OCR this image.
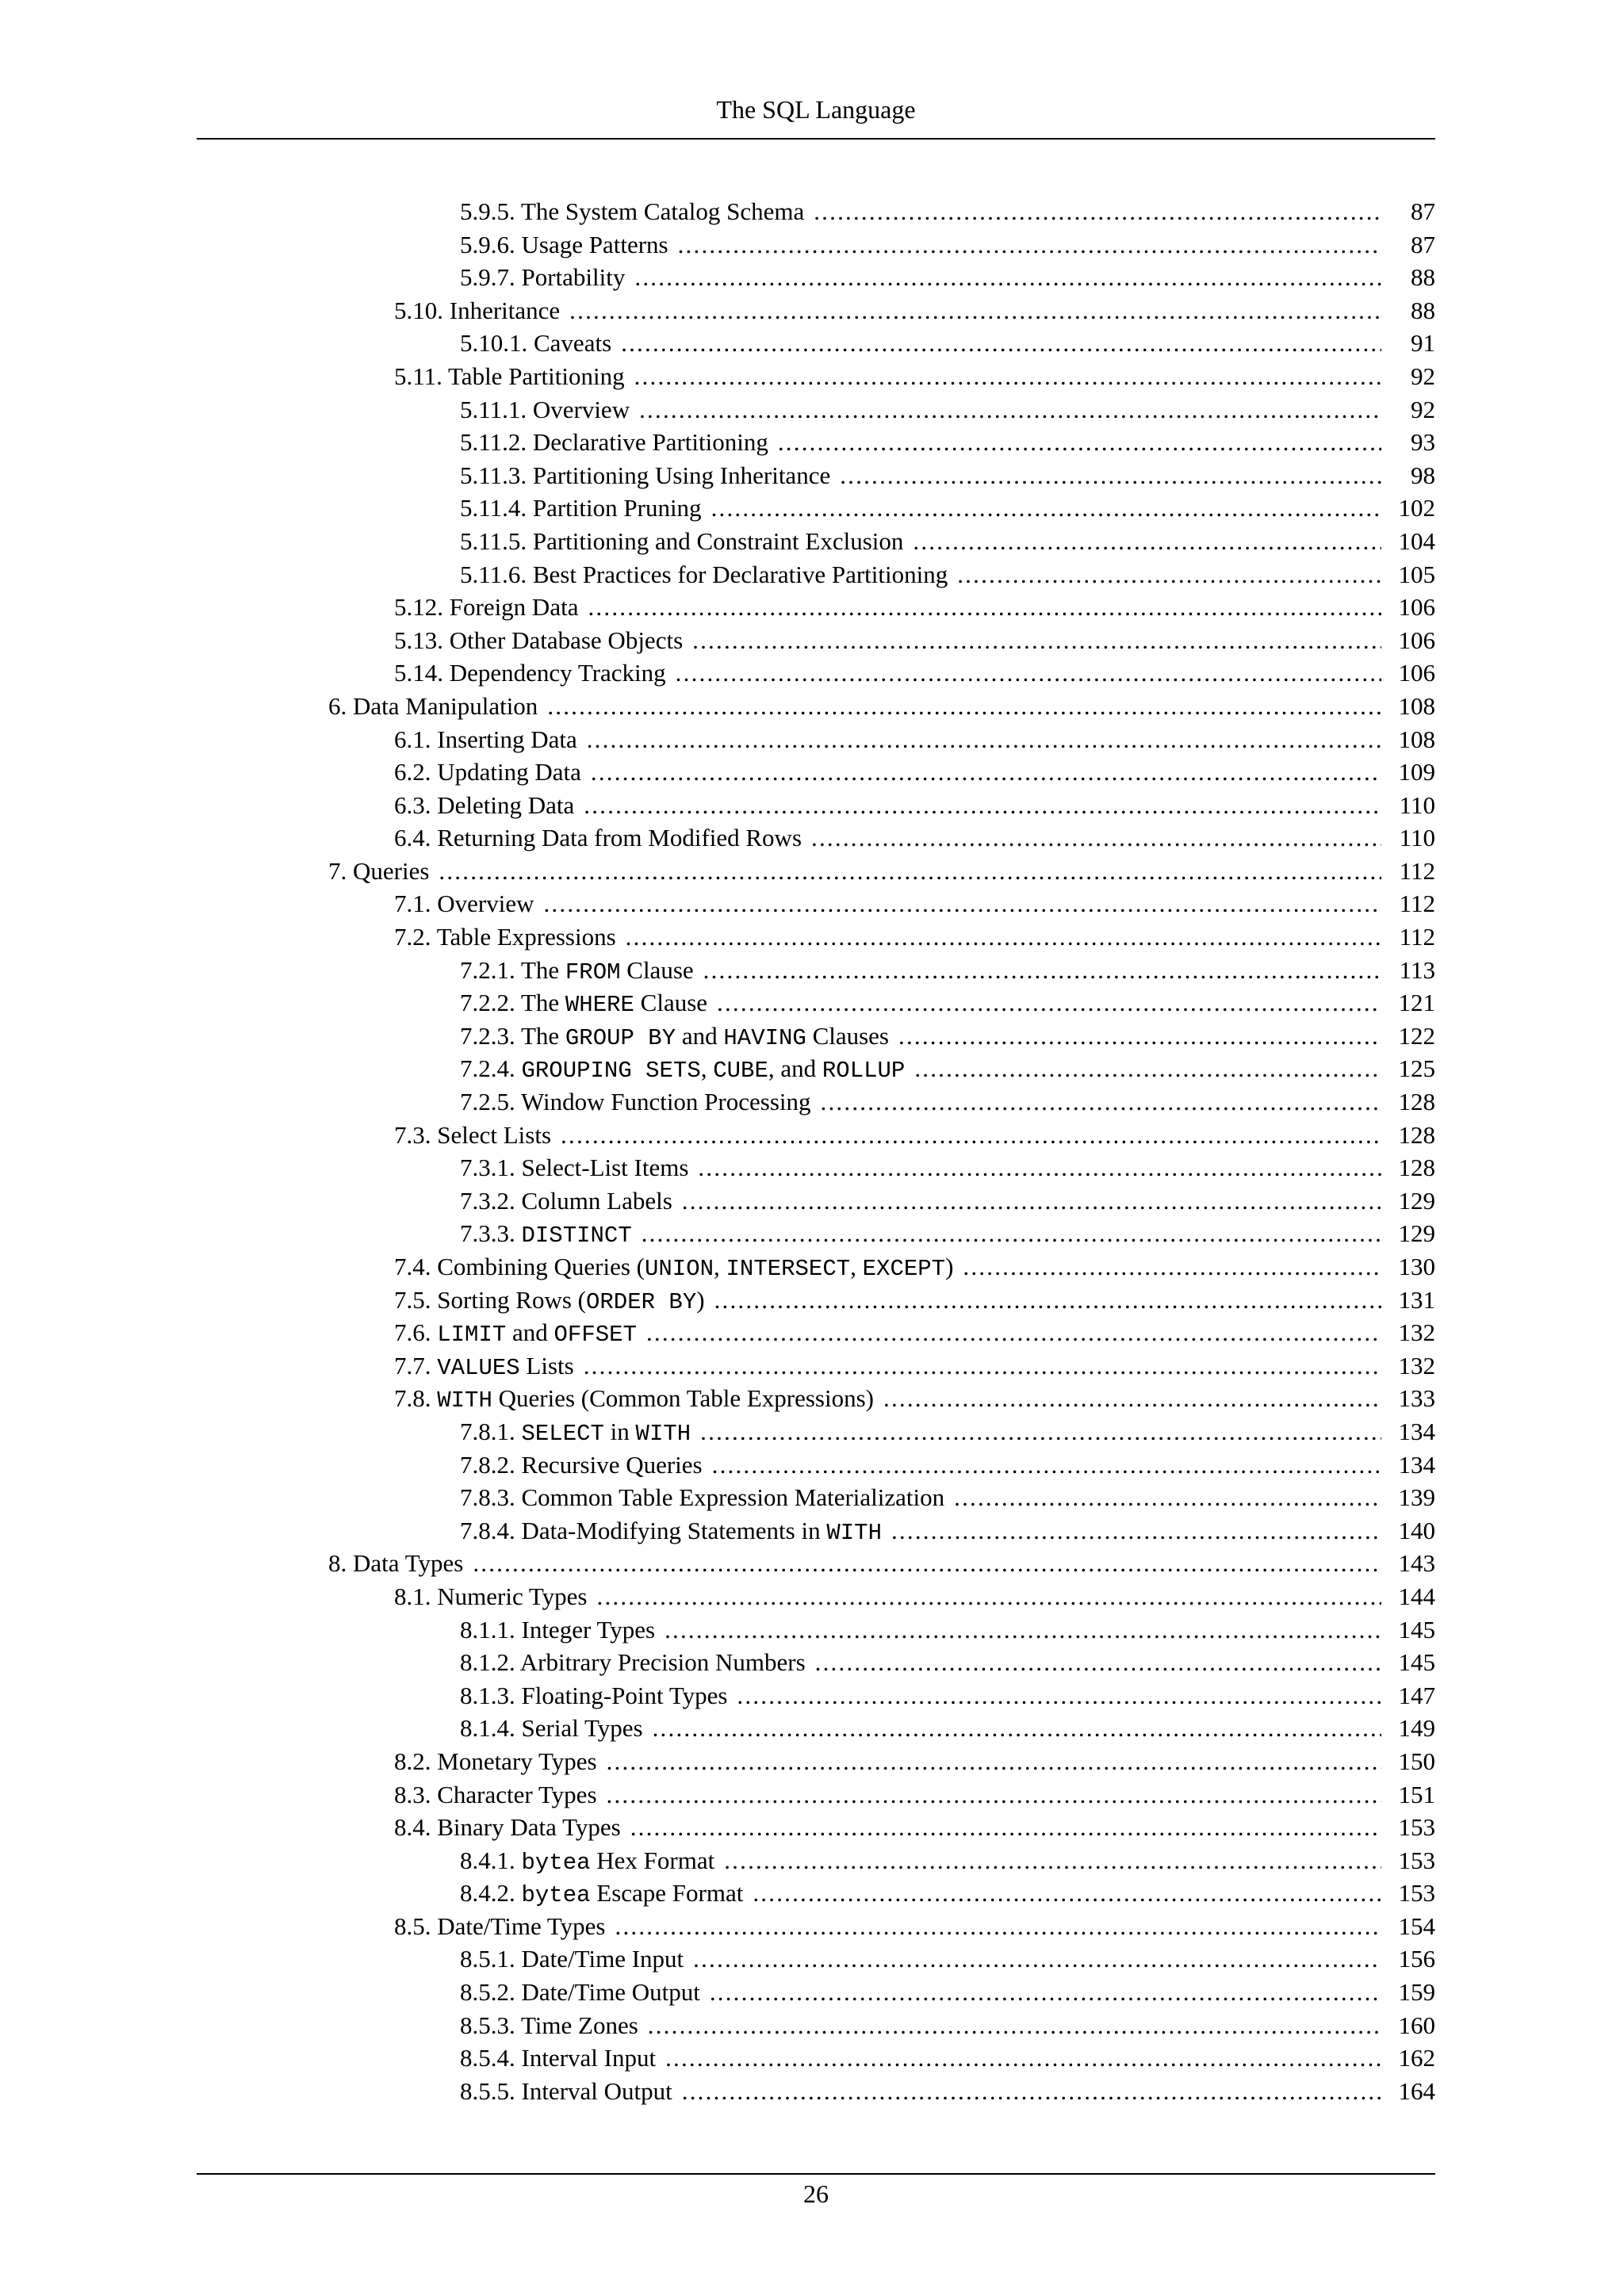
The SQL Language
5.9.5. The System Catalog Schema .....	87
5.9.6. Usage Patterns .....	87
5.9.7. Portability .....	88
5.10. Inheritance .....	88
5.10.1. Caveats .....	91
5.11. Table Partitioning .....	92
5.11.1. Overview .....	92
5.11.2. Declarative Partitioning .....	93
5.11.3. Partitioning Using Inheritance .....	98
5.11.4. Partition Pruning .....	102
5.11.5. Partitioning and Constraint Exclusion .....	104
5.11.6. Best Practices for Declarative Partitioning .....	105
5.12. Foreign Data .....	106
5.13. Other Database Objects .....	106
5.14. Dependency Tracking .....	106
6. Data Manipulation .....	108
6.1. Inserting Data .....	108
6.2. Updating Data .....	109
6.3. Deleting Data .....	110
6.4. Returning Data from Modified Rows .....	110
7. Queries .....	112
7.1. Overview .....	112
7.2. Table Expressions .....	112
7.2.1. The FROM Clause .....	113
7.2.2. The WHERE Clause .....	121
7.2.3. The GROUP BY and HAVING Clauses .....	122
7.2.4. GROUPING SETS, CUBE, and ROLLUP .....	125
7.2.5. Window Function Processing .....	128
7.3. Select Lists .....	128
7.3.1. Select-List Items .....	128
7.3.2. Column Labels .....	129
7.3.3. DISTINCT .....	129
7.4. Combining Queries (UNION, INTERSECT, EXCEPT) .....	130
7.5. Sorting Rows (ORDER BY) .....	131
7.6. LIMIT and OFFSET .....	132
7.7. VALUES Lists .....	132
7.8. WITH Queries (Common Table Expressions) .....	133
7.8.1. SELECT in WITH .....	134
7.8.2. Recursive Queries .....	134
7.8.3. Common Table Expression Materialization .....	139
7.8.4. Data-Modifying Statements in WITH .....	140
8. Data Types .....	143
8.1. Numeric Types .....	144
8.1.1. Integer Types .....	145
8.1.2. Arbitrary Precision Numbers .....	145
8.1.3. Floating-Point Types .....	147
8.1.4. Serial Types .....	149
8.2. Monetary Types .....	150
8.3. Character Types .....	151
8.4. Binary Data Types .....	153
8.4.1. bytea Hex Format .....	153
8.4.2. bytea Escape Format .....	153
8.5. Date/Time Types .....	154
8.5.1. Date/Time Input .....	156
8.5.2. Date/Time Output .....	159
8.5.3. Time Zones .....	160
8.5.4. Interval Input .....	162
8.5.5. Interval Output .....	164
26
